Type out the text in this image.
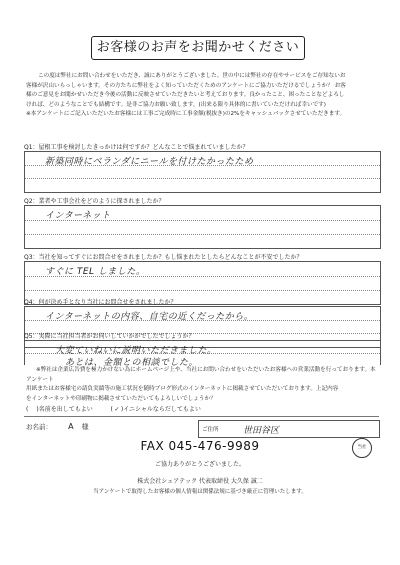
お客様のお声をお聞かせください

この度は弊社にお問い合わせをいただき、誠にありがとうございました。世の中には弊社の存在やサービスをご存知ないお

客様が沢山いらっしゃいます。その方たちに弊社をよく知っていただくためのアンケートにご協力いただけるでしょうか？ お客

様のご意見をお聞かせいただき今後の活動に反映させていただきたいと考えております。良かったこと、困ったことなどよろし

ければ、どのようなことでも結構です。是非ご協力お願い致します。(出来る限り具体的に書いていただければ幸いです)

※本アンケートにご記入いただいたお客様には工事ご完成時に工事金額(税抜き)の2%をキャッシュバックさせていただきます。

Q1：屋根工事を検討したきっかけは何ですか？どんなことで悩まれていましたか？
新築同時にベランダにニールを付けたかったため
Q2：業者や工事会社をどのように探されましたか？
インターネット
Q3：当社を知ってすぐにお問合せをされましたか？もし悩まれたとしたらどんなことが不安でしたか？
すぐに TEL しました。
Q4：何が決め手となり当社にお問合せをされましたか？
インターネットの内容、自宅の近くだったから。
Q5：実際に当社担当者がお伺いしていかがでしたでしょうか？
大変ていねいに説明いただきました。
あとは、金額との相談でした。

※弊社は企業広告費を極力かけない為にホームページ上や、当社にお問い合わせをいただいたお客様への営業活動を行っております。本アンケート

用紙またはお客様宅の請負実績等の施工状況を随時ブログ形式のインターネットに掲載させていただいております。上記内容

をインターネットや印刷物に掲載させていただいてもよろしいでしょうか？

( )名前を出してもよい	(✓)イニシャルならだしてもよい
お名前： A 様	ご住所	世田谷区
FAX 045-476-9989	当社
ご協力ありがとうございました。
株式会社シェアテック 代表取締役 大久保 誠二
当アンケートで取得したお客様の個人情報は関係法規に基づき厳正に管理いたします。
